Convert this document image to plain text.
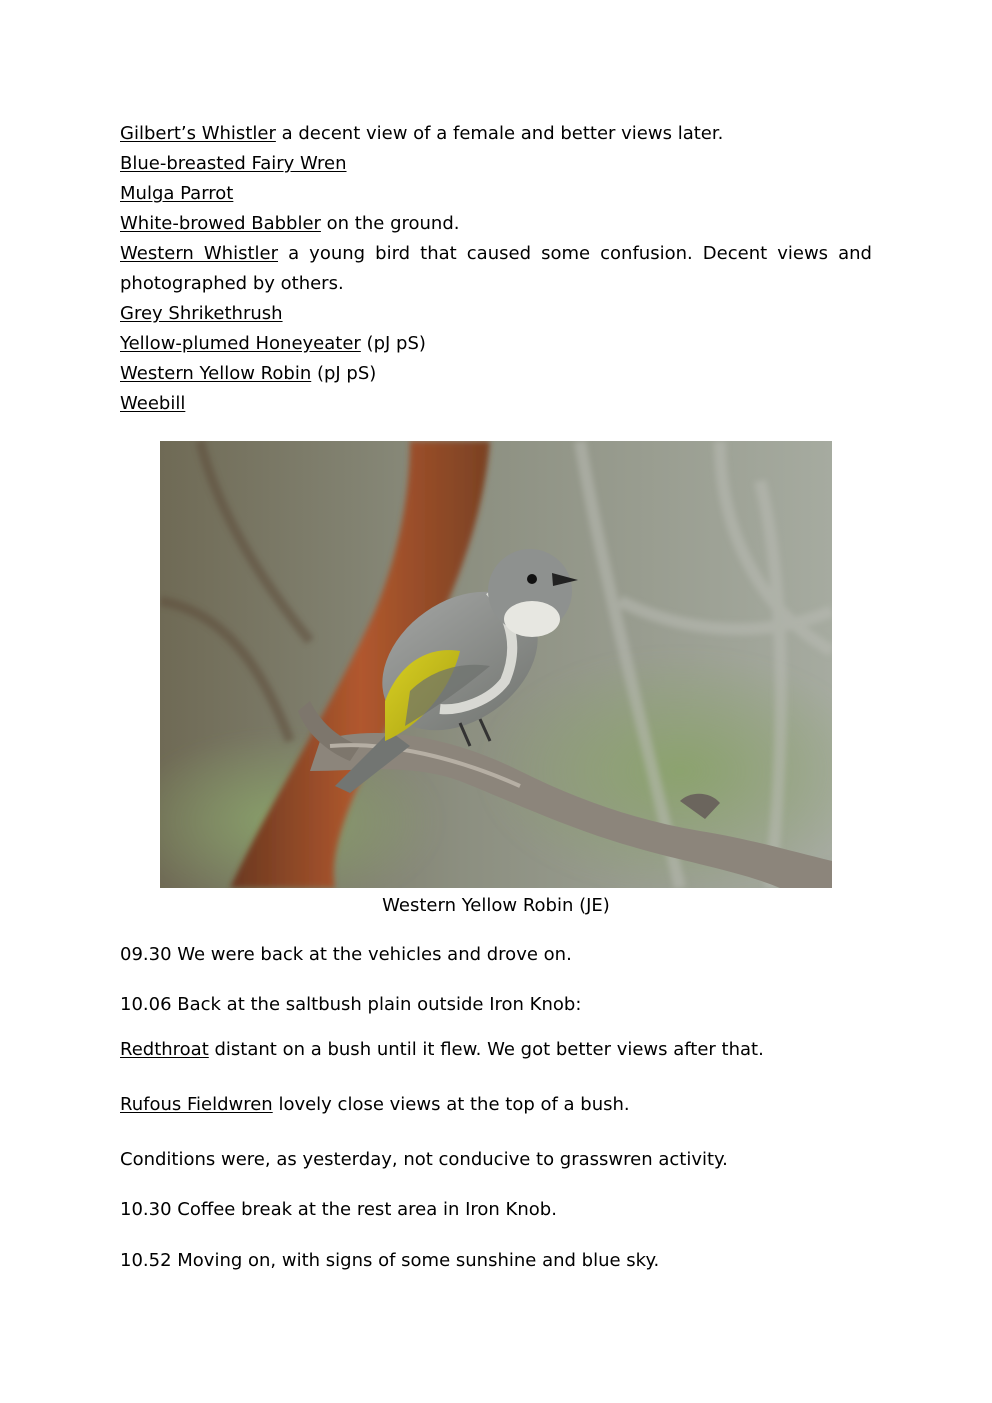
Gilbert’s Whistler a decent view of a female and better views later.
Blue-breasted Fairy Wren
Mulga Parrot
White-browed Babbler on the ground.
Western Whistler a young bird that caused some confusion. Decent views and photographed by others.
Grey Shrikethrush
Yellow-plumed Honeyeater (pJ pS)
Western Yellow Robin (pJ pS)
Weebill
Western Yellow Robin (JE)
09.30 We were back at the vehicles and drove on.
10.06 Back at the saltbush plain outside Iron Knob:
Redthroat distant on a bush until it flew. We got better views after that.
Rufous Fieldwren lovely close views at the top of a bush.
Conditions were, as yesterday, not conducive to grasswren activity.
10.30 Coffee break at the rest area in Iron Knob.
10.52 Moving on, with signs of some sunshine and blue sky.
